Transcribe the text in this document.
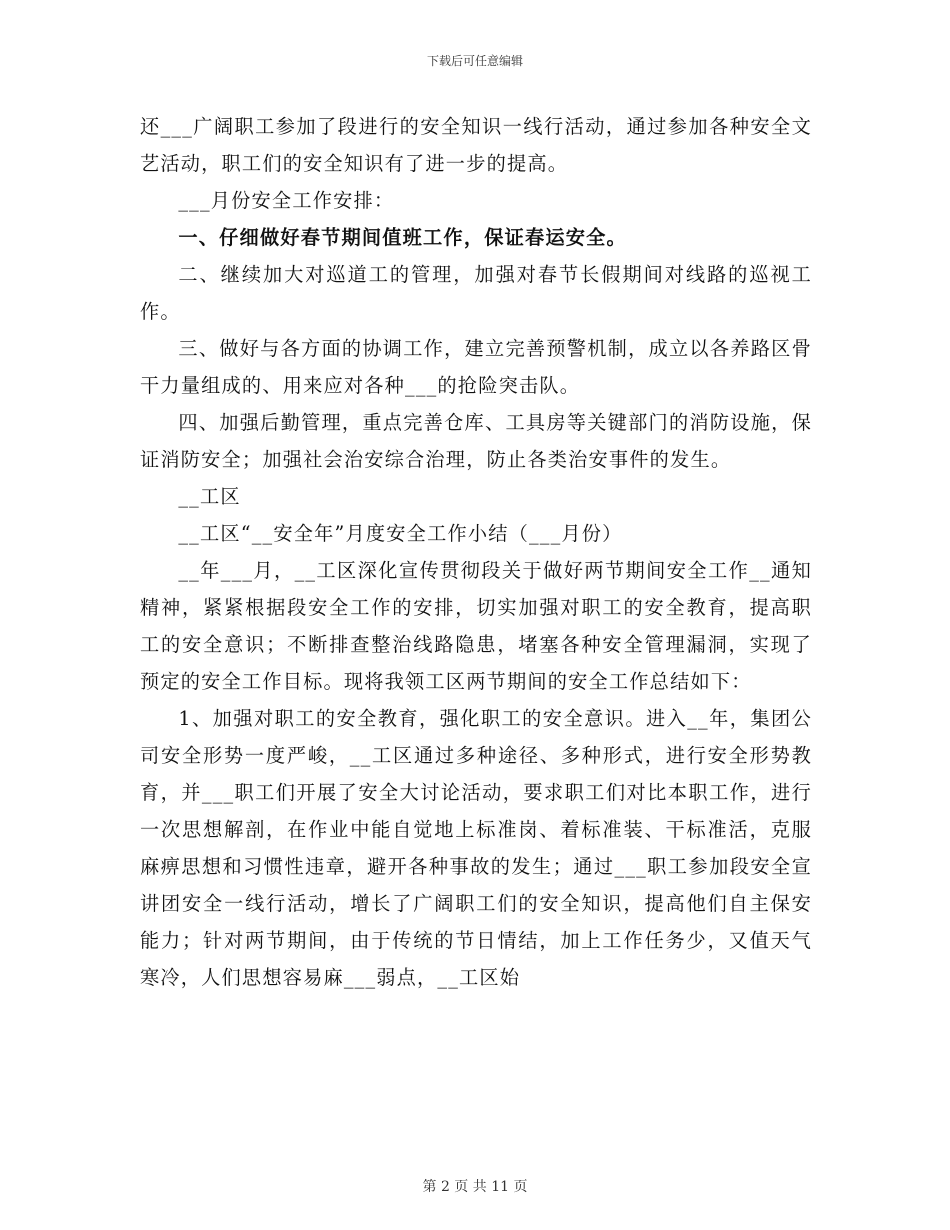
下载后可任意编辑

还___广阔职工参加了段进行的安全知识一线行活动，通过参加各种安全文艺活动，职工们的安全知识有了进一步的提高。

___月份安全工作安排：

一、仔细做好春节期间值班工作，保证春运安全。

二、继续加大对巡道工的管理，加强对春节长假期间对线路的巡视工作。

三、做好与各方面的协调工作，建立完善预警机制，成立以各养路区骨干力量组成的、用来应对各种___的抢险突击队。

四、加强后勤管理，重点完善仓库、工具房等关键部门的消防设施，保证消防安全；加强社会治安综合治理，防止各类治安事件的发生。

__工区

__工区“__安全年”月度安全工作小结（___月份）

__年___月，__工区深化宣传贯彻段关于做好两节期间安全工作__通知精神，紧紧根据段安全工作的安排，切实加强对职工的安全教育，提高职工的安全意识；不断排查整治线路隐患，堵塞各种安全管理漏洞，实现了预定的安全工作目标。现将我领工区两节期间的安全工作总结如下：

1、加强对职工的安全教育，强化职工的安全意识。进入__年，集团公司安全形势一度严峻，__工区通过多种途径、多种形式，进行安全形势教育，并___职工们开展了安全大讨论活动，要求职工们对比本职工作，进行一次思想解剖，在作业中能自觉地上标准岗、着标准装、干标准活，克服麻痹思想和习惯性违章，避开各种事故的发生；通过___职工参加段安全宣讲团安全一线行活动，增长了广阔职工们的安全知识，提高他们自主保安能力；针对两节期间，由于传统的节日情结，加上工作任务少，又值天气寒冷，人们思想容易麻___弱点，__工区始

第 2 页 共 11 页
